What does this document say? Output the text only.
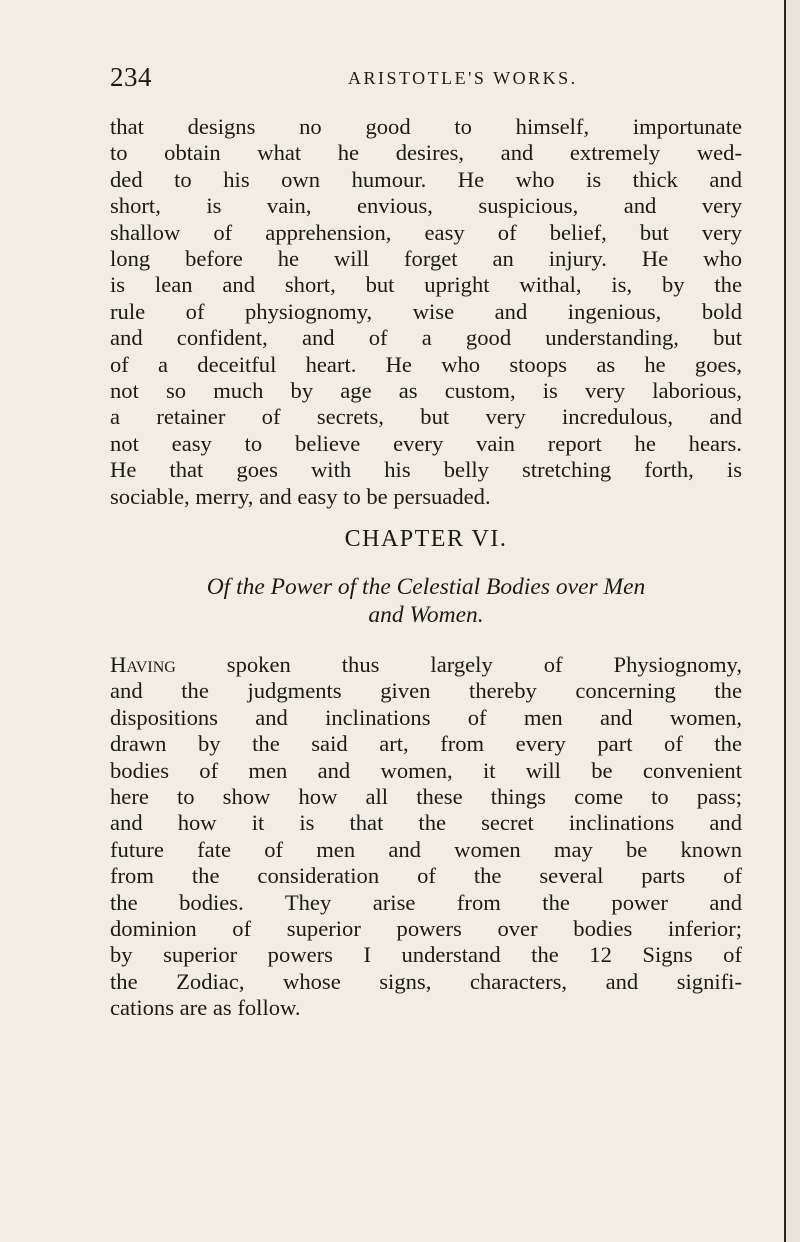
234	ARISTOTLE'S WORKS.
that designs no good to himself, importunate
to obtain what he desires, and extremely wed-
ded to his own humour. He who is thick and
short, is vain, envious, suspicious, and very
shallow of apprehension, easy of belief, but very
long before he will forget an injury. He who
is lean and short, but upright withal, is, by the
rule of physiognomy, wise and ingenious, bold
and confident, and of a good understanding, but
of a deceitful heart. He who stoops as he goes,
not so much by age as custom, is very laborious,
a retainer of secrets, but very incredulous, and
not easy to believe every vain report he hears.
He that goes with his belly stretching forth, is
sociable, merry, and easy to be persuaded.
CHAPTER VI.
Of the Power of the Celestial Bodies over Men
and Women.
Having spoken thus largely of Physiognomy,
and the judgments given thereby concerning the
dispositions and inclinations of men and women,
drawn by the said art, from every part of the
bodies of men and women, it will be convenient
here to show how all these things come to pass;
and how it is that the secret inclinations and
future fate of men and women may be known
from the consideration of the several parts of
the bodies. They arise from the power and
dominion of superior powers over bodies inferior;
by superior powers I understand the 12 Signs of
the Zodiac, whose signs, characters, and signifi-
cations are as follow.
